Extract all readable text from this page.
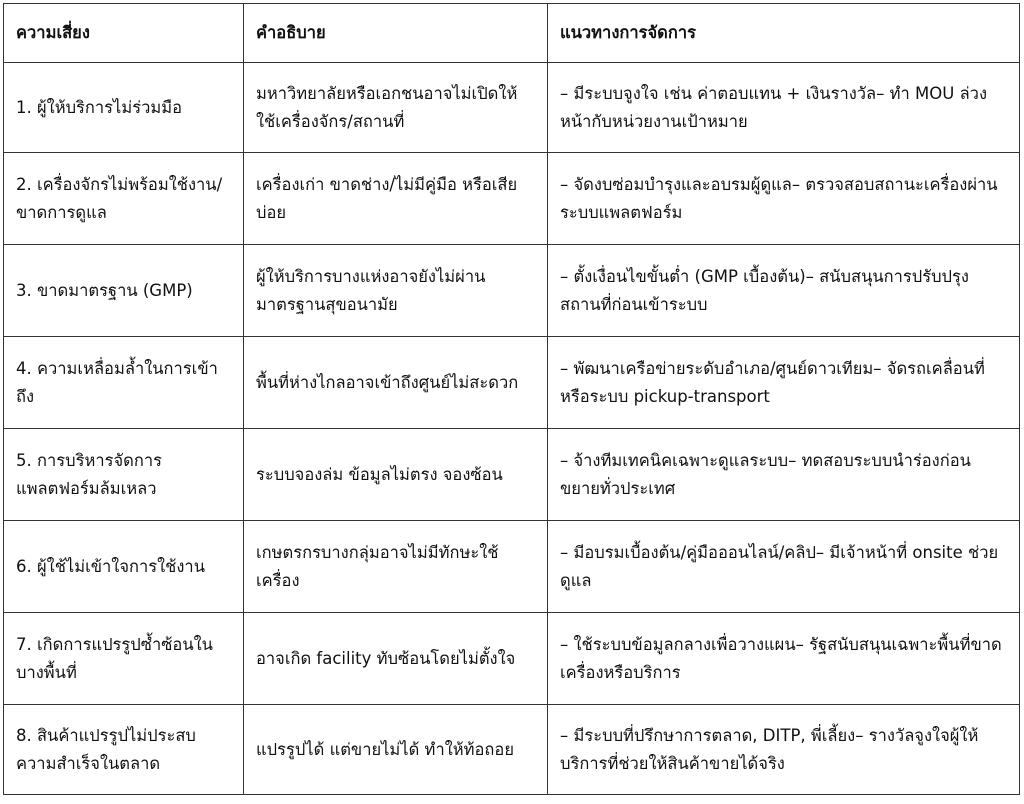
ความเสี่ยง	คำอธิบาย	แนวทางการจัดการ
1. ผู้ให้บริการไม่ร่วมมือ	มหาวิทยาลัยหรือเอกชนอาจไม่เปิดให้ใช้เครื่องจักร/สถานที่	– มีระบบจูงใจ เช่น ค่าตอบแทน + เงินรางวัล– ทำ MOU ล่วงหน้ากับหน่วยงานเป้าหมาย
2. เครื่องจักรไม่พร้อมใช้งาน/ขาดการดูแล	เครื่องเก่า ขาดช่าง/ไม่มีคู่มือ หรือเสียบ่อย	– จัดงบซ่อมบำรุงและอบรมผู้ดูแล– ตรวจสอบสถานะเครื่องผ่านระบบแพลตฟอร์ม
3. ขาดมาตรฐาน (GMP)	ผู้ให้บริการบางแห่งอาจยังไม่ผ่านมาตรฐานสุขอนามัย	– ตั้งเงื่อนไขขั้นต่ำ (GMP เบื้องต้น)– สนับสนุนการปรับปรุงสถานที่ก่อนเข้าระบบ
4. ความเหลื่อมล้ำในการเข้าถึง	พื้นที่ห่างไกลอาจเข้าถึงศูนย์ไม่สะดวก	– พัฒนาเครือข่ายระดับอำเภอ/ศูนย์ดาวเทียม– จัดรถเคลื่อนที่ หรือระบบ pickup-transport
5. การบริหารจัดการแพลตฟอร์มล้มเหลว	ระบบจองล่ม ข้อมูลไม่ตรง จองซ้อน	– จ้างทีมเทคนิคเฉพาะดูแลระบบ– ทดสอบระบบนำร่องก่อนขยายทั่วประเทศ
6. ผู้ใช้ไม่เข้าใจการใช้งาน	เกษตรกรบางกลุ่มอาจไม่มีทักษะใช้เครื่อง	– มีอบรมเบื้องต้น/คู่มือออนไลน์/คลิป– มีเจ้าหน้าที่ onsite ช่วยดูแล
7. เกิดการแปรรูปซ้ำซ้อนในบางพื้นที่	อาจเกิด facility ทับซ้อนโดยไม่ตั้งใจ	– ใช้ระบบข้อมูลกลางเพื่อวางแผน– รัฐสนับสนุนเฉพาะพื้นที่ขาดเครื่องหรือบริการ
8. สินค้าแปรรูปไม่ประสบความสำเร็จในตลาด	แปรรูปได้ แต่ขายไม่ได้ ทำให้ท้อถอย	– มีระบบที่ปรึกษาการตลาด, DITP, พี่เลี้ยง– รางวัลจูงใจผู้ให้บริการที่ช่วยให้สินค้าขายได้จริง
